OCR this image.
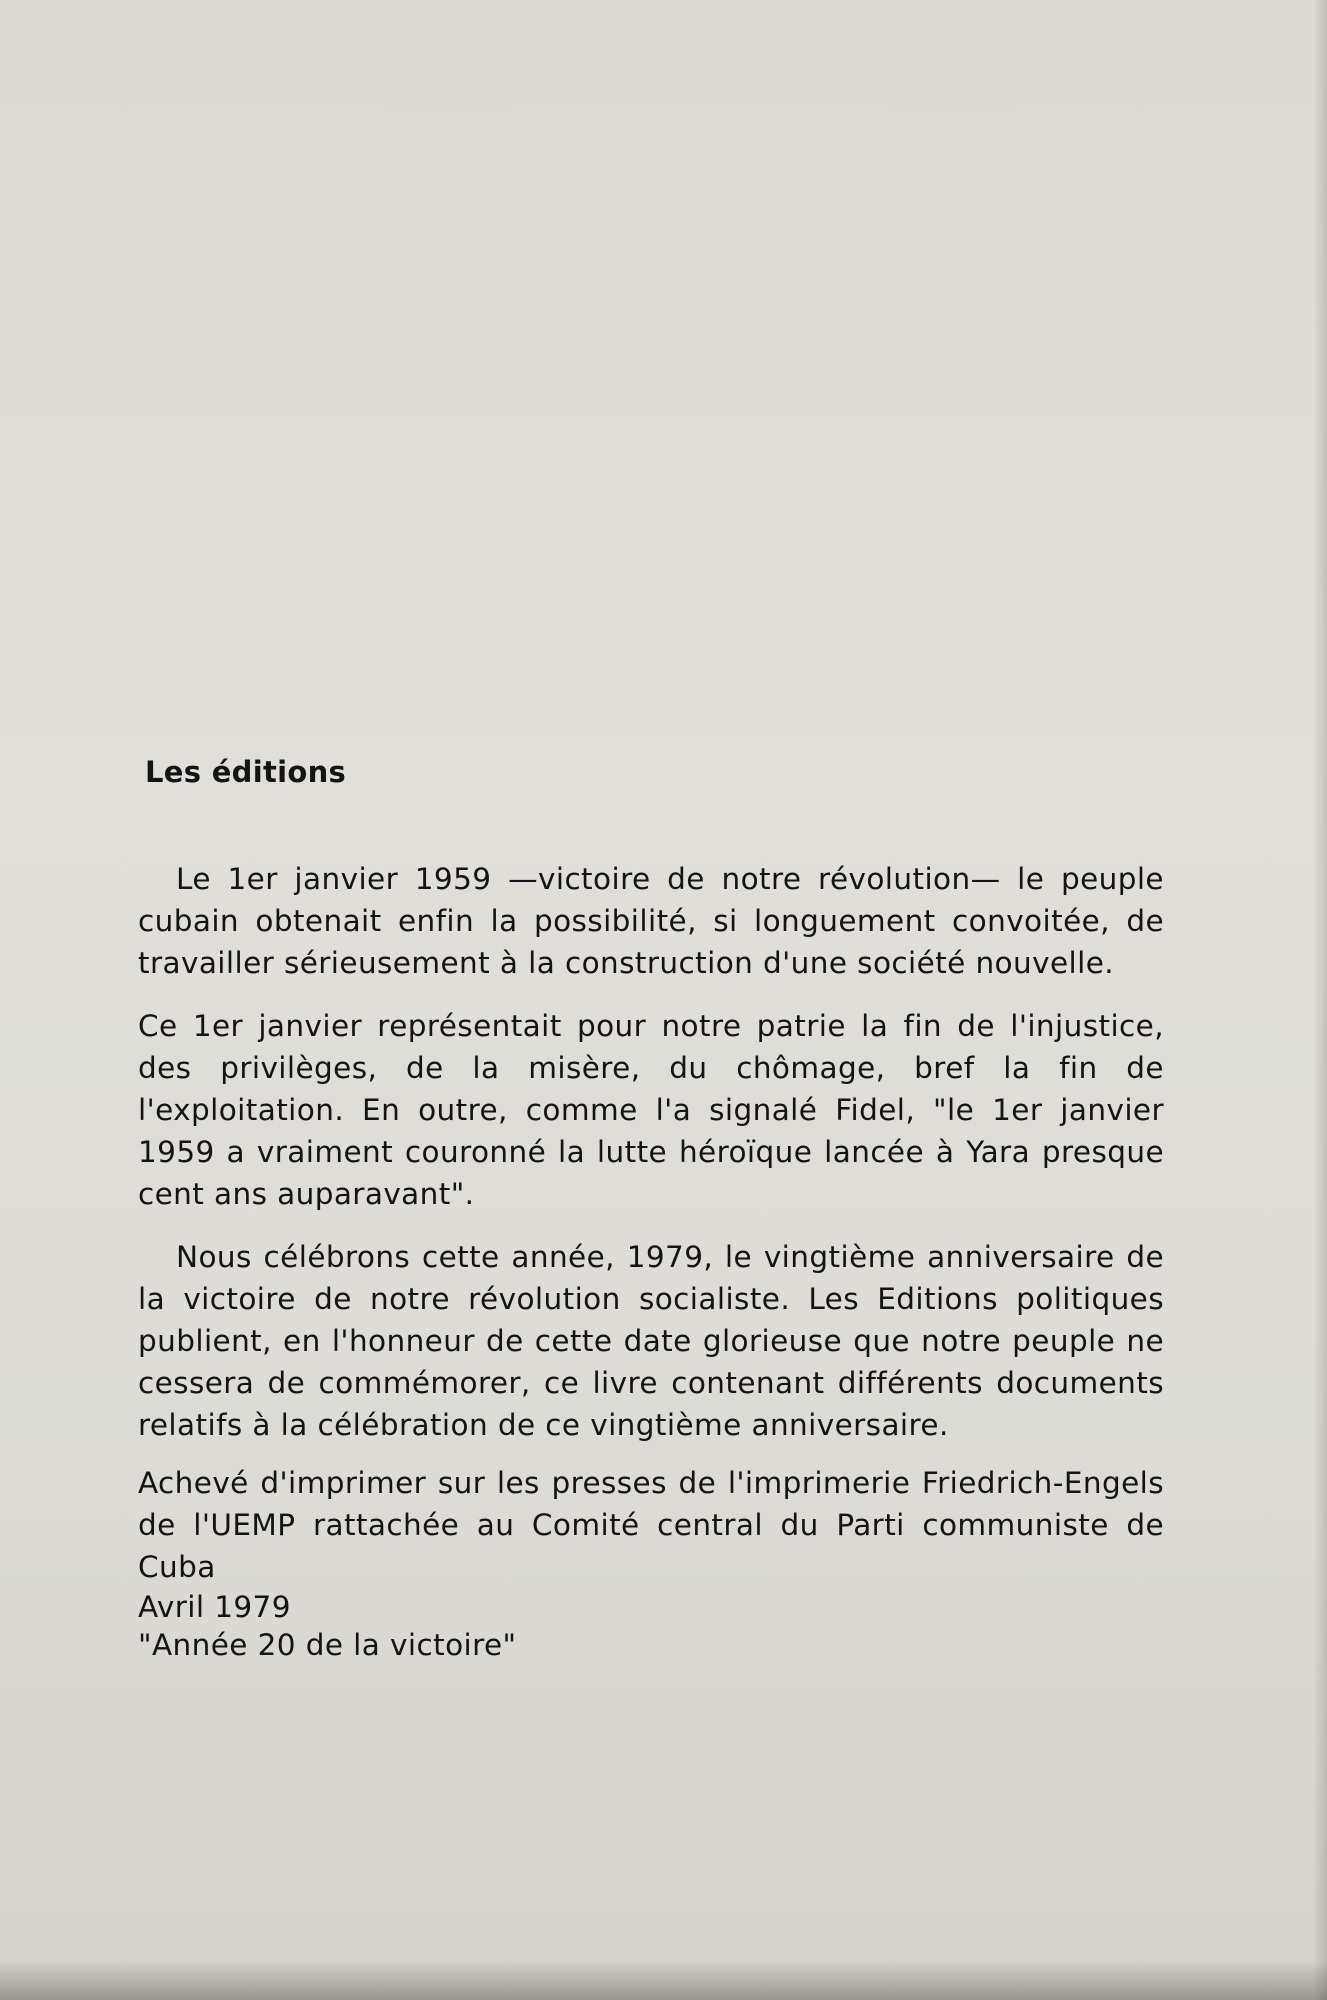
Les éditions

Le 1er janvier 1959 —victoire de notre révolution— le peuple cubain obtenait enfin la possibilité, si longuement convoitée, de travailler sérieusement à la construction d'une société nouvelle.

Ce 1er janvier représentait pour notre patrie la fin de l'injustice, des privilèges, de la misère, du chômage, bref la fin de l'exploitation. En outre, comme l'a signalé Fidel, "le 1er janvier 1959 a vraiment couronné la lutte héroïque lancée à Yara presque cent ans auparavant".

Nous célébrons cette année, 1979, le vingtième anniversaire de la victoire de notre révolution socialiste. Les Editions politiques publient, en l'honneur de cette date glorieuse que notre peuple ne cessera de commémorer, ce livre contenant différents documents relatifs à la célébration de ce vingtième anniversaire.

Achevé d'imprimer sur les presses de l'imprimerie Friedrich-Engels de l'UEMP rattachée au Comité central du Parti communiste de Cuba
Avril 1979
"Année 20 de la victoire"
